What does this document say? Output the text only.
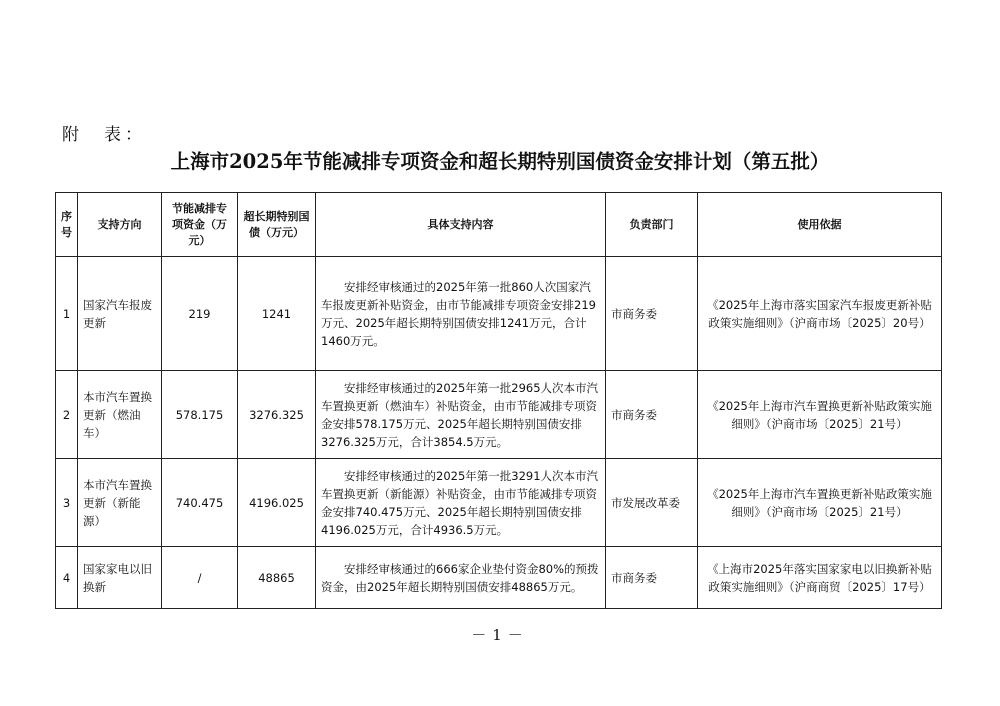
附　表：
上海市2025年节能减排专项资金和超长期特别国债资金安排计划（第五批）
序号	支持方向	节能减排专项资金（万元）	超长期特别国债（万元）	具体支持内容	负责部门	使用依据
1	国家汽车报废更新	219	1241	安排经审核通过的2025年第一批860人次国家汽车报废更新补贴资金，由市节能减排专项资金安排219万元、2025年超长期特别国债安排1241万元，合计1460万元。	市商务委	《2025年上海市落实国家汽车报废更新补贴政策实施细则》（沪商市场〔2025〕20号）
2	本市汽车置换更新（燃油车）	578.175	3276.325	安排经审核通过的2025年第一批2965人次本市汽车置换更新（燃油车）补贴资金，由市节能减排专项资金安排578.175万元、2025年超长期特别国债安排3276.325万元，合计3854.5万元。	市商务委	《2025年上海市汽车置换更新补贴政策实施细则》（沪商市场〔2025〕21号）
3	本市汽车置换更新（新能源）	740.475	4196.025	安排经审核通过的2025年第一批3291人次本市汽车置换更新（新能源）补贴资金，由市节能减排专项资金安排740.475万元、2025年超长期特别国债安排4196.025万元，合计4936.5万元。	市发展改革委	《2025年上海市汽车置换更新补贴政策实施细则》（沪商市场〔2025〕21号）
4	国家家电以旧换新	/	48865	安排经审核通过的666家企业垫付资金80%的预拨资金，由2025年超长期特别国债安排48865万元。	市商务委	《上海市2025年落实国家家电以旧换新补贴政策实施细则》（沪商商贸〔2025〕17号）
－1－
